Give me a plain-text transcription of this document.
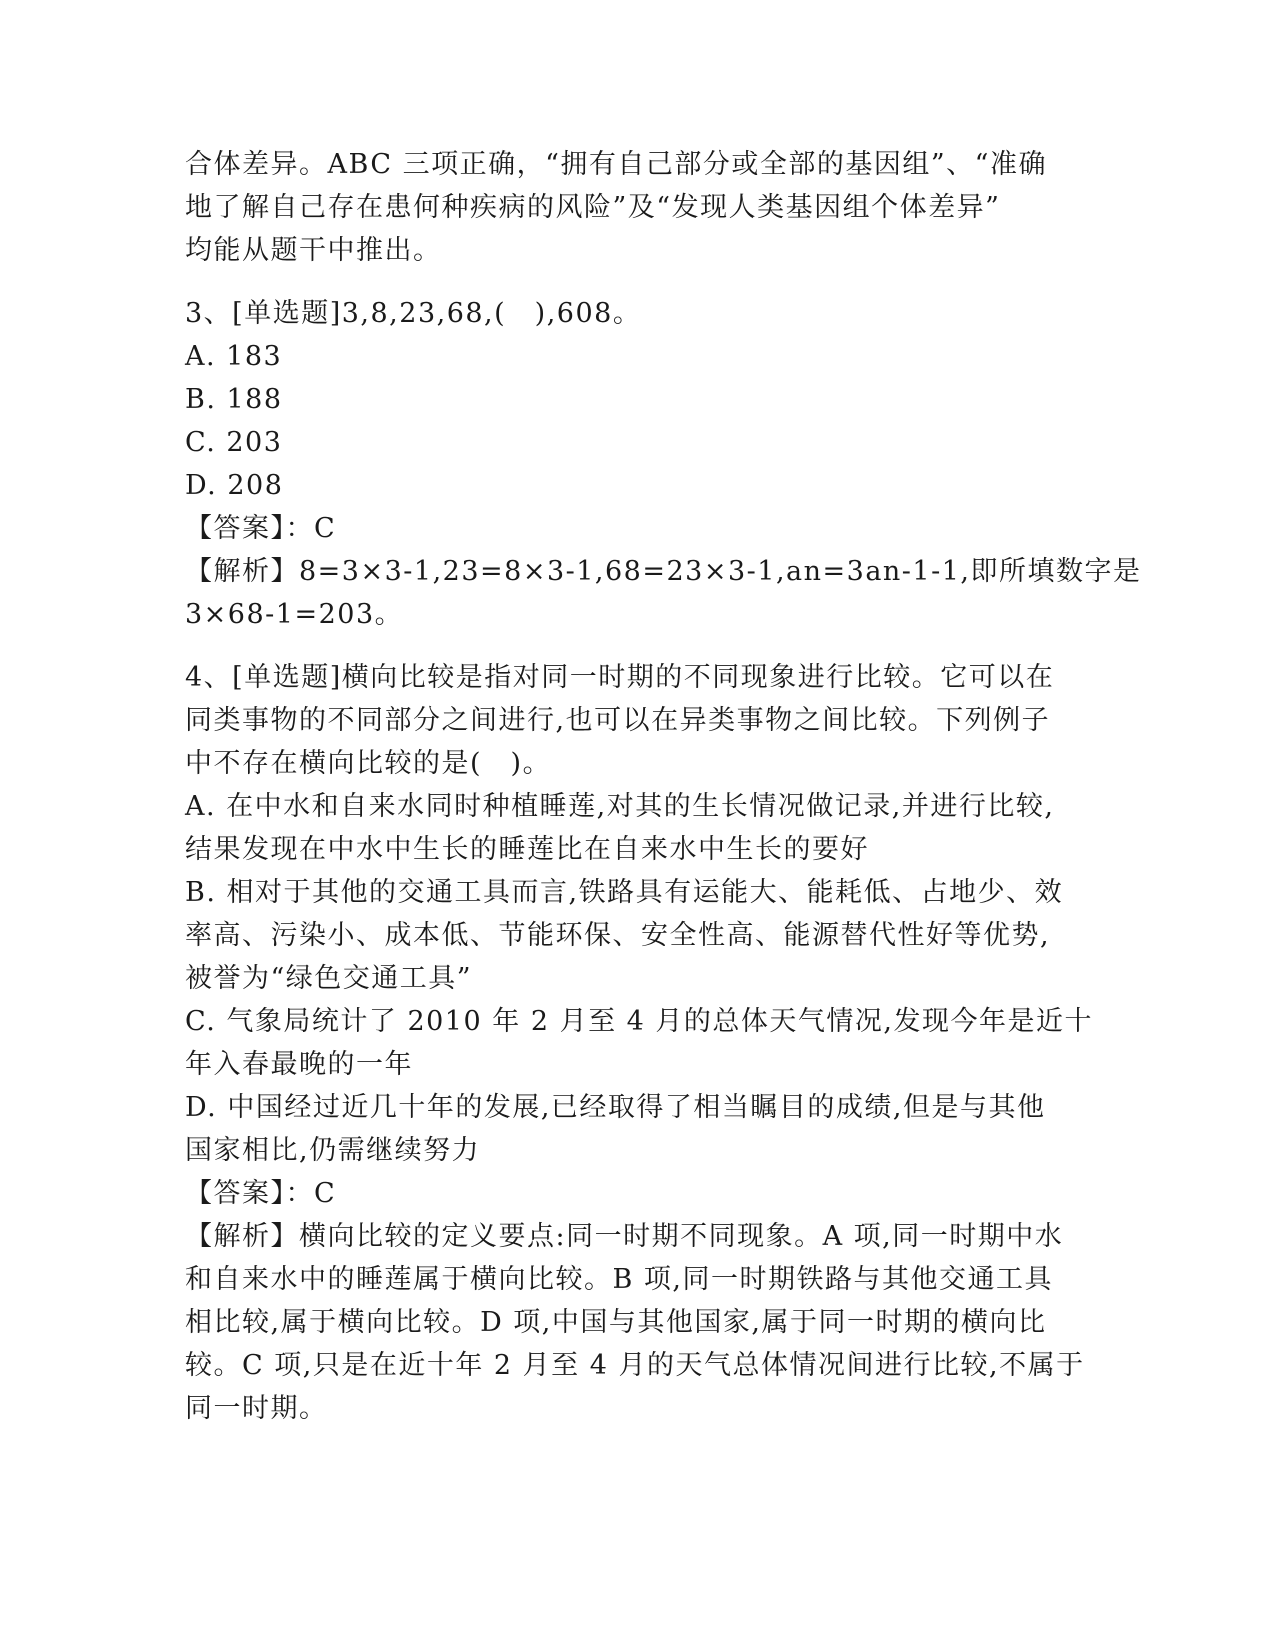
合体差异。ABC 三项正确，“拥有自己部分或全部的基因组”、“准确
地了解自己存在患何种疾病的风险”及“发现人类基因组个体差异”
均能从题干中推出。
3、[单选题]3,8,23,68,(　),608。
A. 183
B. 188
C. 203
D. 208
【答案】：C
【解析】8=3×3-1,23=8×3-1,68=23×3-1,an=3an-1-1,即所填数字是
3×68-1=203。
4、[单选题]横向比较是指对同一时期的不同现象进行比较。它可以在
同类事物的不同部分之间进行,也可以在异类事物之间比较。下列例子
中不存在横向比较的是(　)。
A. 在中水和自来水同时种植睡莲,对其的生长情况做记录,并进行比较,
结果发现在中水中生长的睡莲比在自来水中生长的要好
B. 相对于其他的交通工具而言,铁路具有运能大、能耗低、占地少、效
率高、污染小、成本低、节能环保、安全性高、能源替代性好等优势,
被誉为“绿色交通工具”
C. 气象局统计了 2010 年 2 月至 4 月的总体天气情况,发现今年是近十
年入春最晚的一年
D. 中国经过近几十年的发展,已经取得了相当瞩目的成绩,但是与其他
国家相比,仍需继续努力
【答案】：C
【解析】横向比较的定义要点:同一时期不同现象。A 项,同一时期中水
和自来水中的睡莲属于横向比较。B 项,同一时期铁路与其他交通工具
相比较,属于横向比较。D 项,中国与其他国家,属于同一时期的横向比
较。C 项,只是在近十年 2 月至 4 月的天气总体情况间进行比较,不属于
同一时期。
